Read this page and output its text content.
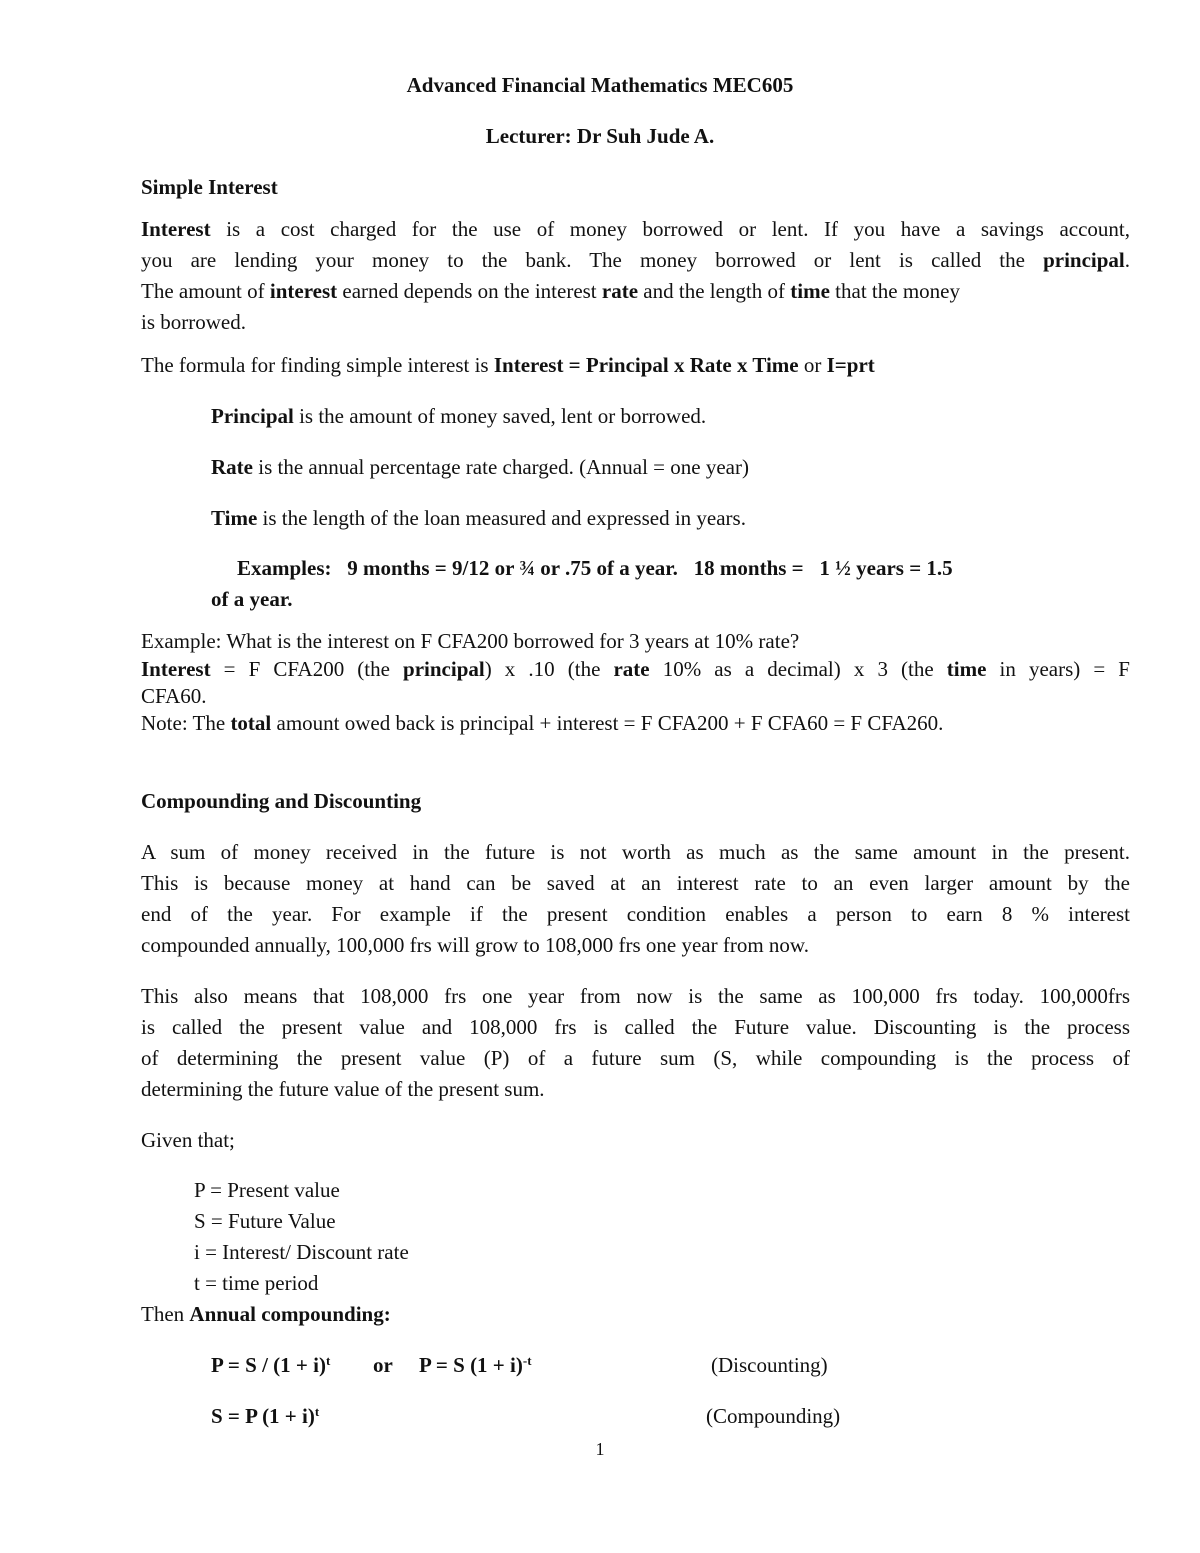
Advanced Financial Mathematics MEC605
Lecturer: Dr Suh Jude A.
Simple Interest
Interest is a cost charged for the use of money borrowed or lent. If you have a savings account,
you are lending your money to the bank. The money borrowed or lent is called the principal.
The amount of interest earned depends on the interest rate and the length of time that the money
is borrowed.
The formula for finding simple interest is Interest = Principal x Rate x Time or I=prt
Principal is the amount of money saved, lent or borrowed.
Rate is the annual percentage rate charged. (Annual = one year)
Time is the length of the loan measured and expressed in years.
Examples:   9 months = 9/12 or ¾ or .75 of a year.   18 months =   1 ½ years = 1.5
of a year.
Example: What is the interest on F CFA200 borrowed for 3 years at 10% rate?
Interest = F CFA200 (the principal) x .10 (the rate 10% as a decimal) x 3 (the time in years) = F
CFA60.
Note: The total amount owed back is principal + interest = F CFA200 + F CFA60 = F CFA260.
Compounding and Discounting
A sum of money received in the future is not worth as much as the same amount in the present.
This is because money at hand can be saved at an interest rate to an even larger amount by the
end of the year. For example if the present condition enables a person to earn 8 % interest
compounded annually, 100,000 frs will grow to 108,000 frs one year from now.
This also means that 108,000 frs one year from now is the same as 100,000 frs today. 100,000frs
is called the present value and 108,000 frs is called the Future value. Discounting is the process
of determining the present value (P) of a future sum (S, while compounding is the process of
determining the future value of the present sum.
Given that;
P = Present value
S = Future Value
i = Interest/ Discount rate
t = time period
Then Annual compounding:
$P = S / (1 + i)^t$ or P = S $(1 + i)^{-t}$	(Discounting)
S = P $(1 + i)^t$	(Compounding)
1
